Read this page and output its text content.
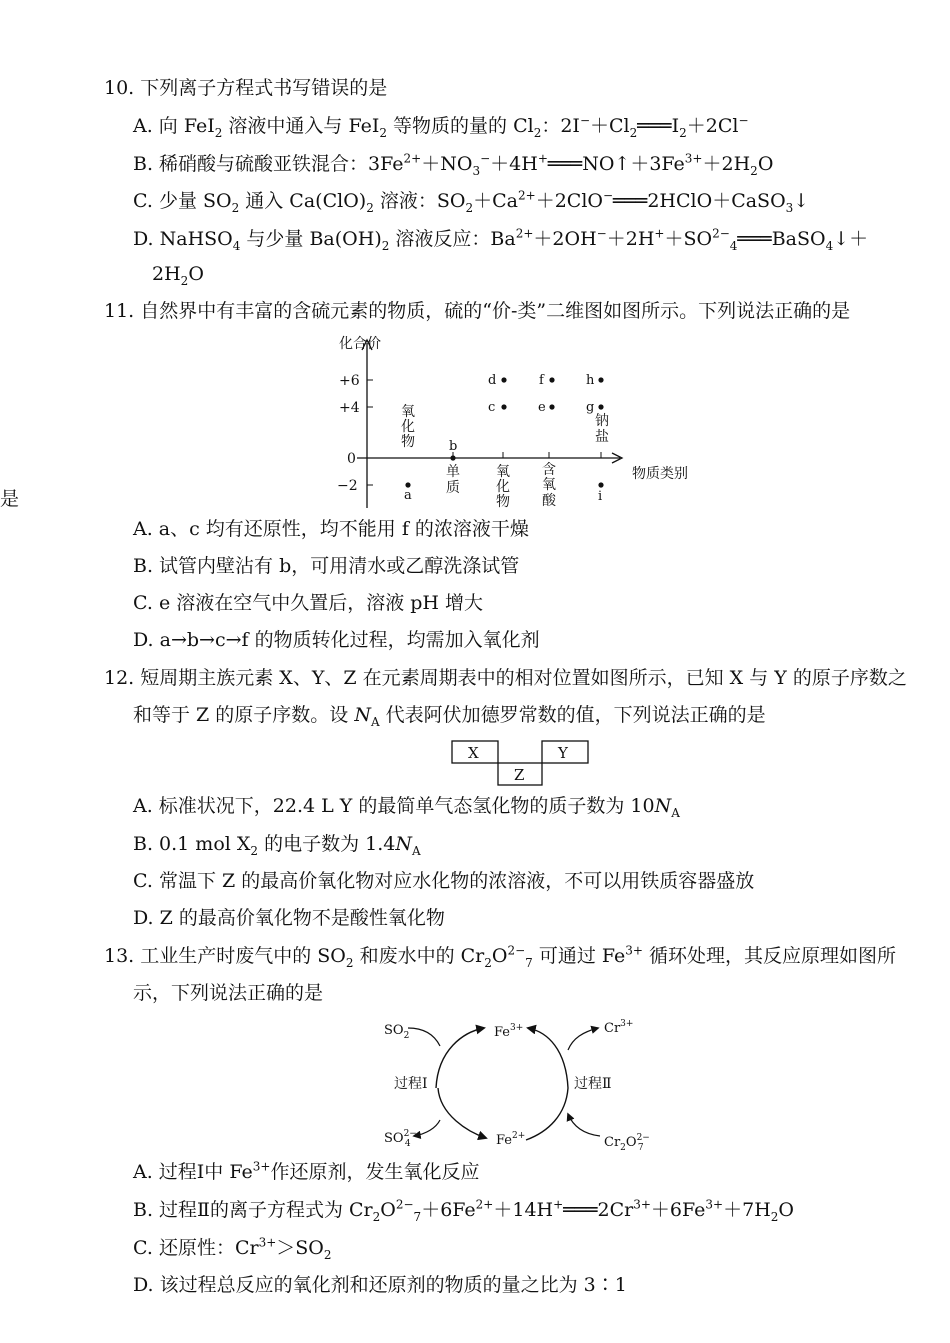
是
10. 下列离子方程式书写错误的是
A. 向 FeI$_2$ 溶液中通入与 FeI$_2$ 等物质的量的 $Cl_2$：$2I^-+Cl_2═══I_2+2Cl^-$
B. 稀硝酸与硫酸亚铁混合：$3Fe^{2+}+NO_3^-+4H^+═══NO↑+3Fe^{3+}+2H_2O$
C. 少量 $SO_2$ 通入 $Ca(ClO)_2$ 溶液：$SO_2+Ca^{2+}+2ClO^-═══2HClO+CaSO_3↓$
D. NaHSO$_4$ 与少量 $Ba(OH)_2$ 溶液反应：$Ba^{2+}+2OH^-+2H^++SO^{2-}_4═══BaSO_4↓+$
$2H_2O$
11. 自然界中有丰富的含硫元素的物质，硫的“价-类”二维图如图所示。下列说法正确的是
化合价
物质类别
+6
+4
0
−2
氧
化
物
单
质
氧
化
物
含
氧
酸
钠
盐
a
b
c
d
e
f
g
h
i
A. a、c 均有还原性，均不能用 f 的浓溶液干燥
B. 试管内壁沾有 b，可用清水或乙醇洗涤试管
C. e 溶液在空气中久置后，溶液 pH 增大
D. a→b→c→f 的物质转化过程，均需加入氧化剂
12. 短周期主族元素 X、Y、Z 在元素周期表中的相对位置如图所示，已知 X 与 Y 的原子序数之
和等于 Z 的原子序数。设 $N_A$ 代表阿伏加德罗常数的值，下列说法正确的是
X	Y
Z
A. 标准状况下，22.4 L Y 的最简单气态氢化物的质子数为 $10N_A$
B. 0.1 mol $X_2$ 的电子数为 $1.4N_A$
C. 常温下 Z 的最高价氧化物对应水化物的浓溶液，不可以用铁质容器盛放
D. Z 的最高价氧化物不是酸性氧化物
13. 工业生产时废气中的 $SO_2$ 和废水中的 $Cr_2O^{2-}_7$ 可通过 $Fe^{3+}$ 循环处理，其反应原理如图所
示，下列说法正确的是
$SO_2$	$Fe^{3+}$	$Cr^{3+}$
过程Ⅰ	过程Ⅱ
$SO^{2-}$ 4	$Fe^{2+}$	$Cr_2O^{2-}$ 7
A. 过程Ⅰ中 $Fe^{3+}$作还原剂，发生氧化反应
B. 过程Ⅱ的离子方程式为 $Cr_2O^{2-}_7+6Fe^{2+}+14H^+═══2Cr^{3+}+6Fe^{3+}+7H_2O$
C. 还原性：$Cr^{3+}>SO_2$
D. 该过程总反应的氧化剂和还原剂的物质的量之比为 3∶1
